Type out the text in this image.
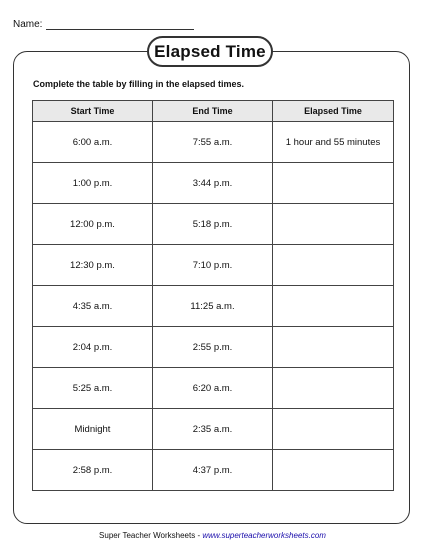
Name:
Elapsed Time
Complete the table by filling in the elapsed times.
Start Time	End Time	Elapsed Time
6:00 a.m.	7:55 a.m.	1 hour and 55 minutes
1:00 p.m.	3:44 p.m.	
12:00 p.m.	5:18 p.m.	
12:30 p.m.	7:10 p.m.	
4:35 a.m.	11:25 a.m.	
2:04 p.m.	2:55 p.m.	
5:25 a.m.	6:20 a.m.	
Midnight	2:35 a.m.	
2:58 p.m.	4:37 p.m.	
Super Teacher Worksheets - www.superteacherworksheets.com
